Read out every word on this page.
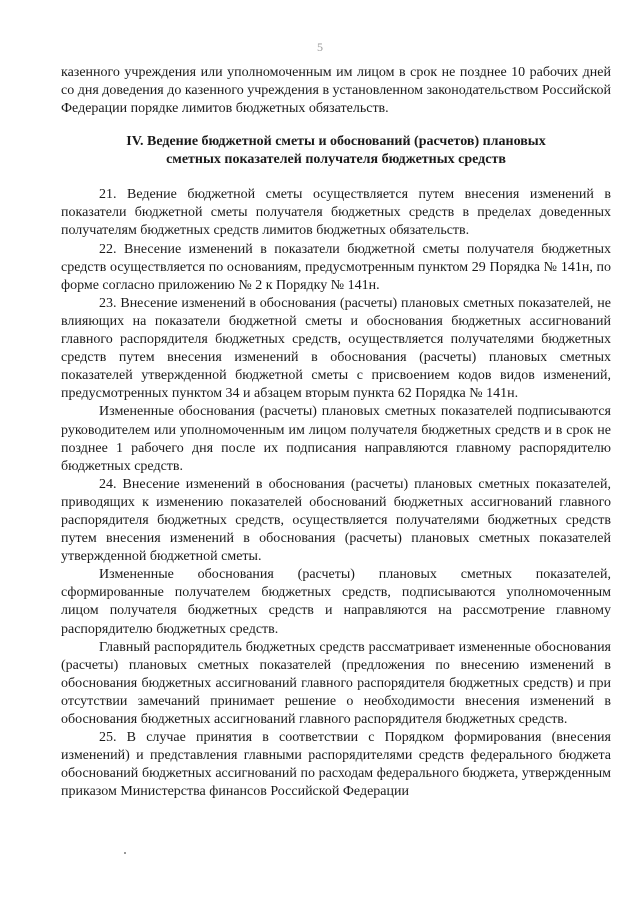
5

казенного учреждения или уполномоченным им лицом в срок не позднее 10 рабочих дней со дня доведения до казенного учреждения в установленном законодательством Российской Федерации порядке лимитов бюджетных обязательств.

IV. Ведение бюджетной сметы и обоснований (расчетов) плановых
сметных показателей получателя бюджетных средств

21. Ведение бюджетной сметы осуществляется путем внесения изменений в показатели бюджетной сметы получателя бюджетных средств в пределах доведенных получателям бюджетных средств лимитов бюджетных обязательств.

22. Внесение изменений в показатели бюджетной сметы получателя бюджетных средств осуществляется по основаниям, предусмотренным пунктом 29 Порядка № 141н, по форме согласно приложению № 2 к Порядку № 141н.

23. Внесение изменений в обоснования (расчеты) плановых сметных показателей, не влияющих на показатели бюджетной сметы и обоснования бюджетных ассигнований главного распорядителя бюджетных средств, осуществляется получателями бюджетных средств путем внесения изменений в обоснования (расчеты) плановых сметных показателей утвержденной бюджетной сметы с присвоением кодов видов изменений, предусмотренных пунктом 34 и абзацем вторым пункта 62 Порядка № 141н.

Измененные обоснования (расчеты) плановых сметных показателей подписываются руководителем или уполномоченным им лицом получателя бюджетных средств и в срок не позднее 1 рабочего дня после их подписания направляются главному распорядителю бюджетных средств.

24. Внесение изменений в обоснования (расчеты) плановых сметных показателей, приводящих к изменению показателей обоснований бюджетных ассигнований главного распорядителя бюджетных средств, осуществляется получателями бюджетных средств путем внесения изменений в обоснования (расчеты) плановых сметных показателей утвержденной бюджетной сметы.

Измененные обоснования (расчеты) плановых сметных показателей, сформированные получателем бюджетных средств, подписываются уполномоченным лицом получателя бюджетных средств и направляются на рассмотрение главному распорядителю бюджетных средств.

Главный распорядитель бюджетных средств рассматривает измененные обоснования (расчеты) плановых сметных показателей (предложения по внесению изменений в обоснования бюджетных ассигнований главного распорядителя бюджетных средств) и при отсутствии замечаний принимает решение о необходимости внесения изменений в обоснования бюджетных ассигнований главного распорядителя бюджетных средств.

25. В случае принятия в соответствии с Порядком формирования (внесения изменений) и представления главными распорядителями средств федерального бюджета обоснований бюджетных ассигнований по расходам федерального бюджета, утвержденным приказом Министерства финансов Российской Федерации
